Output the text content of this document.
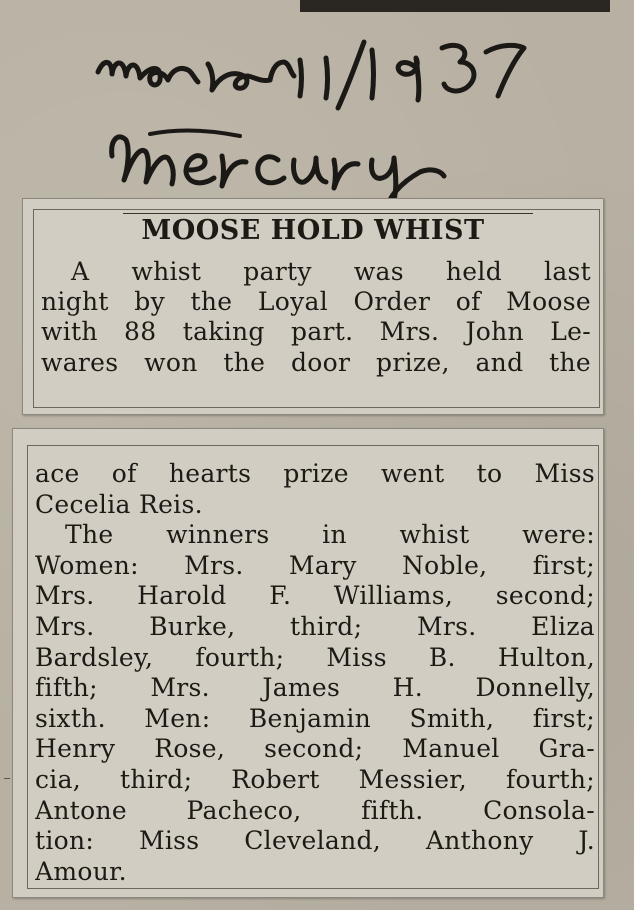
MOOSE HOLD WHIST
A whist party was held last
night by the Loyal Order of Moose
with 88 taking part. Mrs. John Le-
wares won the door prize, and the
ace of hearts prize went to Miss
Cecelia Reis.
The winners in whist were:
Women: Mrs. Mary Noble, first;
Mrs. Harold F. Williams, second;
Mrs. Burke, third; Mrs. Eliza
Bardsley, fourth; Miss B. Hulton,
fifth; Mrs. James H. Donnelly,
sixth. Men: Benjamin Smith, first;
Henry Rose, second; Manuel Gra-
cia, third; Robert Messier, fourth;
Antone Pacheco, fifth. Consola-
tion: Miss Cleveland, Anthony J.
Amour.
